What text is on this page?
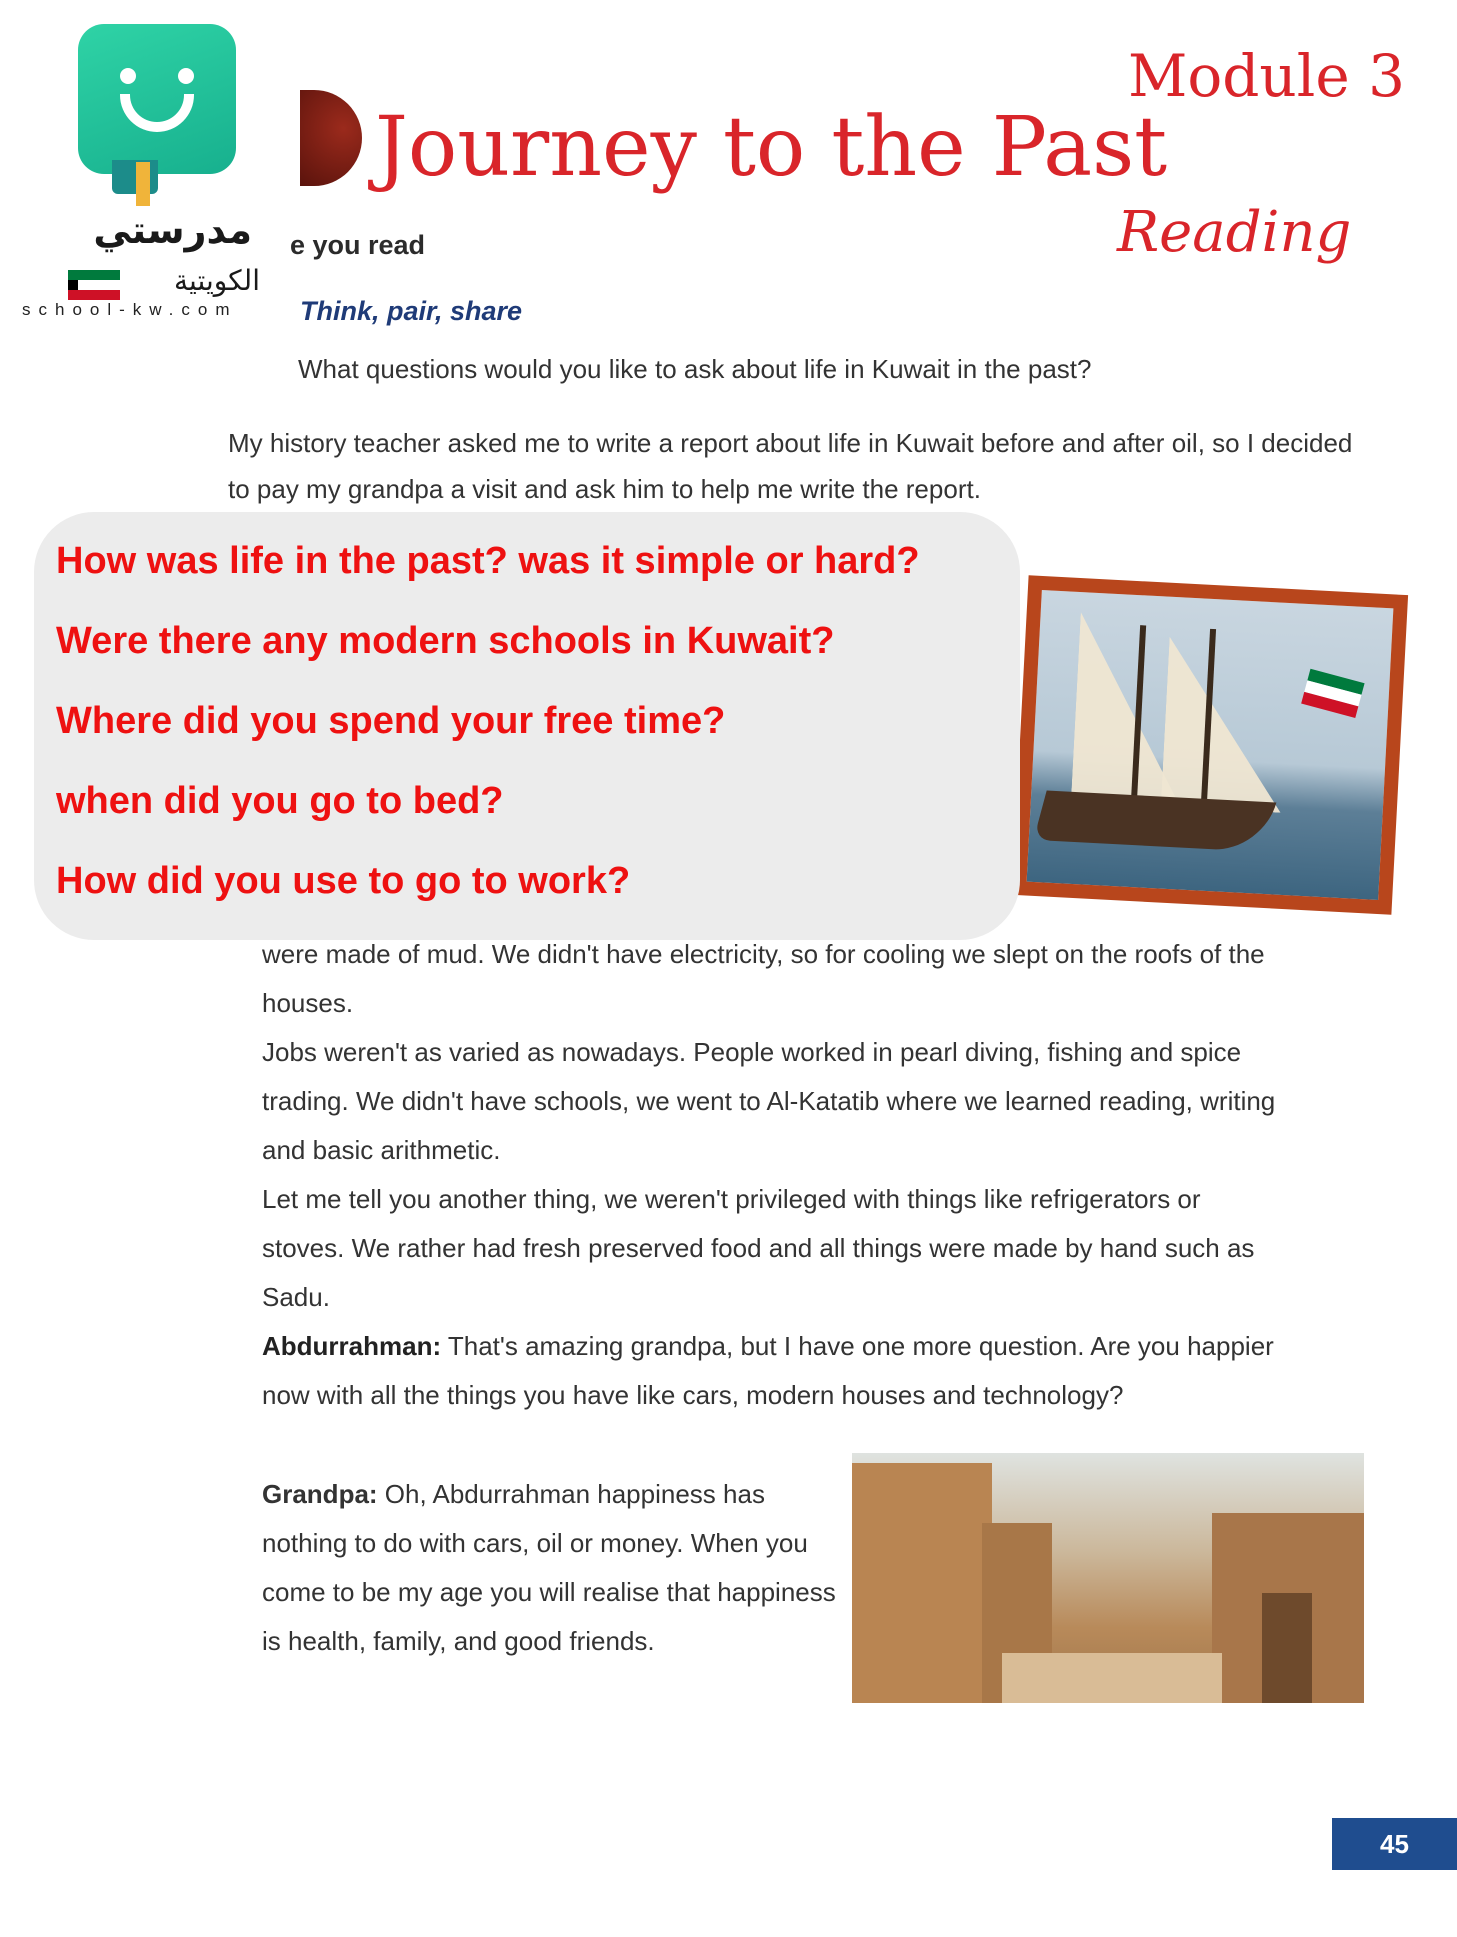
مدرستي
الكويتية
school-kw.com
Module 3
Journey to the Past
Reading
e you read
Think, pair, share
What questions would you like to ask about life in Kuwait in the past?
My history teacher asked me to write a report about life in Kuwait before and after oil, so I decided to pay my grandpa a visit and ask him to help me write the report.
How was life in the past? was it simple or hard?
Were there any modern schools in Kuwait?
Where did you spend your free time?
when did you go to bed?
How did you use to go to work?
were made of mud. We didn't have electricity, so for cooling we slept on the roofs of the houses.
Jobs weren't as varied as nowadays. People worked in pearl diving, fishing and spice trading. We didn't have schools, we went to Al-Katatib where we learned reading, writing and basic arithmetic.
Let me tell you another thing, we weren't privileged with things like refrigerators or stoves. We rather had fresh preserved food and all things were made by hand such as Sadu.
Abdurrahman: That's amazing grandpa, but I have one more question. Are you happier now with all the things you have like cars, modern houses and technology?
Grandpa: Oh, Abdurrahman happiness has nothing to do with cars, oil or money. When you come to be my age you will realise that happiness is health, family, and good friends.
45
